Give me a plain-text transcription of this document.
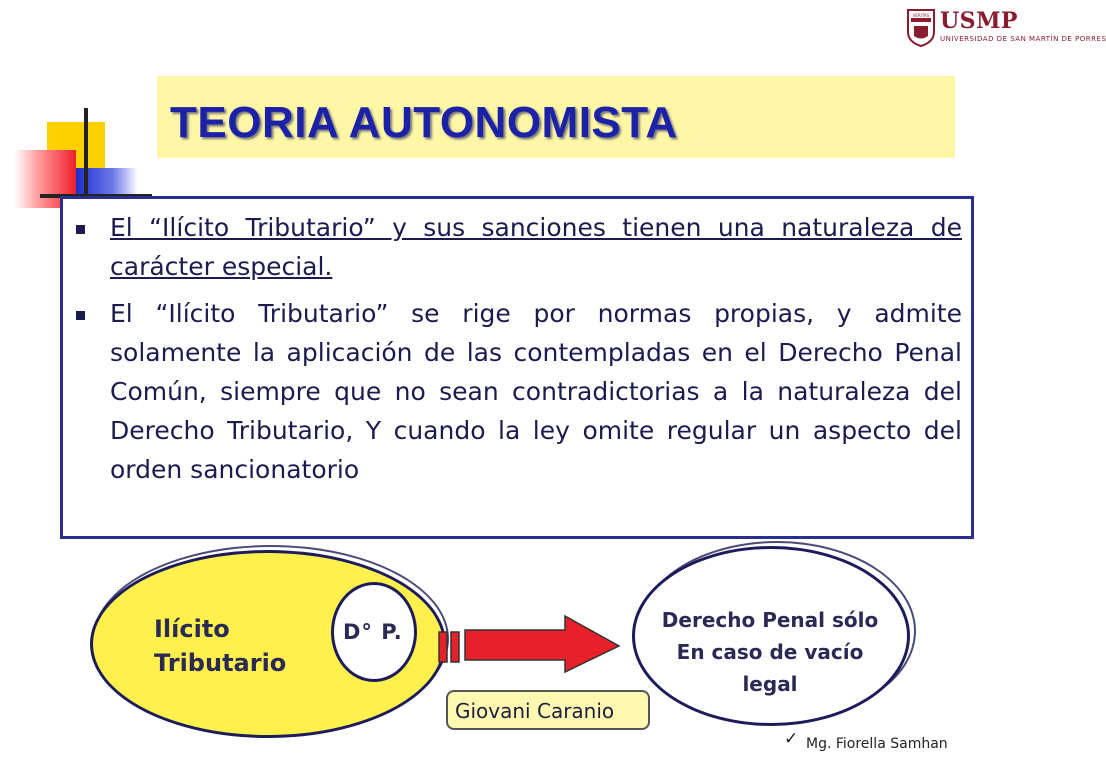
VERITAS USMP
UNIVERSIDAD DE SAN MARTÍN DE PORRES
TEORIA AUTONOMISTA
El “Ilícito Tributario” y sus sanciones tienen una naturaleza de carácter especial.
El “Ilícito Tributario” se rige por normas propias, y admite solamente la aplicación de las contempladas en el Derecho Penal Común, siempre que no sean contradictorias a la naturaleza del Derecho Tributario, Y cuando la ley omite regular un aspecto del orden sancionatorio
Ilícito
Tributario
D° P.	Derecho Penal sólo
En caso de vacío
legal
Giovani Caranio
✓ Mg. Fiorella Samhan
